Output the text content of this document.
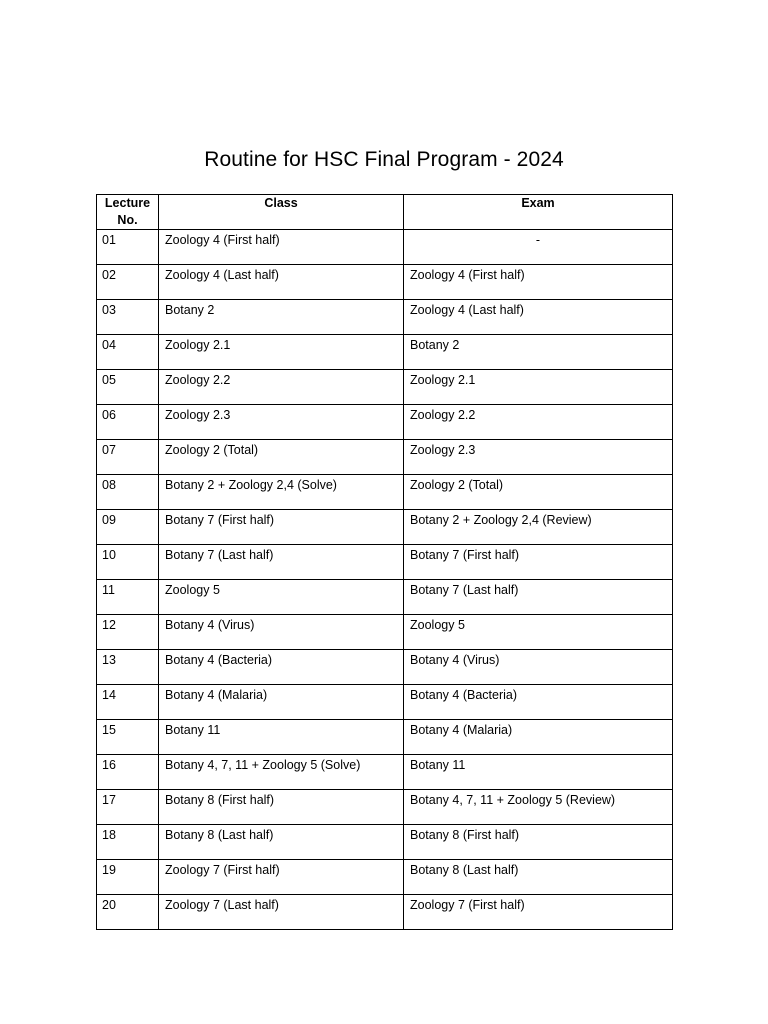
Routine for HSC Final Program - 2024
Lecture No.	Class	Exam
01	Zoology 4 (First half)	-
02	Zoology 4 (Last half)	Zoology 4 (First half)
03	Botany 2	Zoology 4 (Last half)
04	Zoology 2.1	Botany 2
05	Zoology 2.2	Zoology 2.1
06	Zoology 2.3	Zoology 2.2
07	Zoology 2 (Total)	Zoology 2.3
08	Botany 2 + Zoology 2,4 (Solve)	Zoology 2 (Total)
09	Botany 7 (First half)	Botany 2 + Zoology 2,4 (Review)
10	Botany 7 (Last half)	Botany 7 (First half)
11	Zoology 5	Botany 7 (Last half)
12	Botany 4 (Virus)	Zoology 5
13	Botany 4 (Bacteria)	Botany 4 (Virus)
14	Botany 4 (Malaria)	Botany 4 (Bacteria)
15	Botany 11	Botany 4 (Malaria)
16	Botany 4, 7, 11 + Zoology 5 (Solve)	Botany 11
17	Botany 8 (First half)	Botany 4, 7, 11 + Zoology 5 (Review)
18	Botany 8 (Last half)	Botany 8 (First half)
19	Zoology 7 (First half)	Botany 8 (Last half)
20	Zoology 7 (Last half)	Zoology 7 (First half)
